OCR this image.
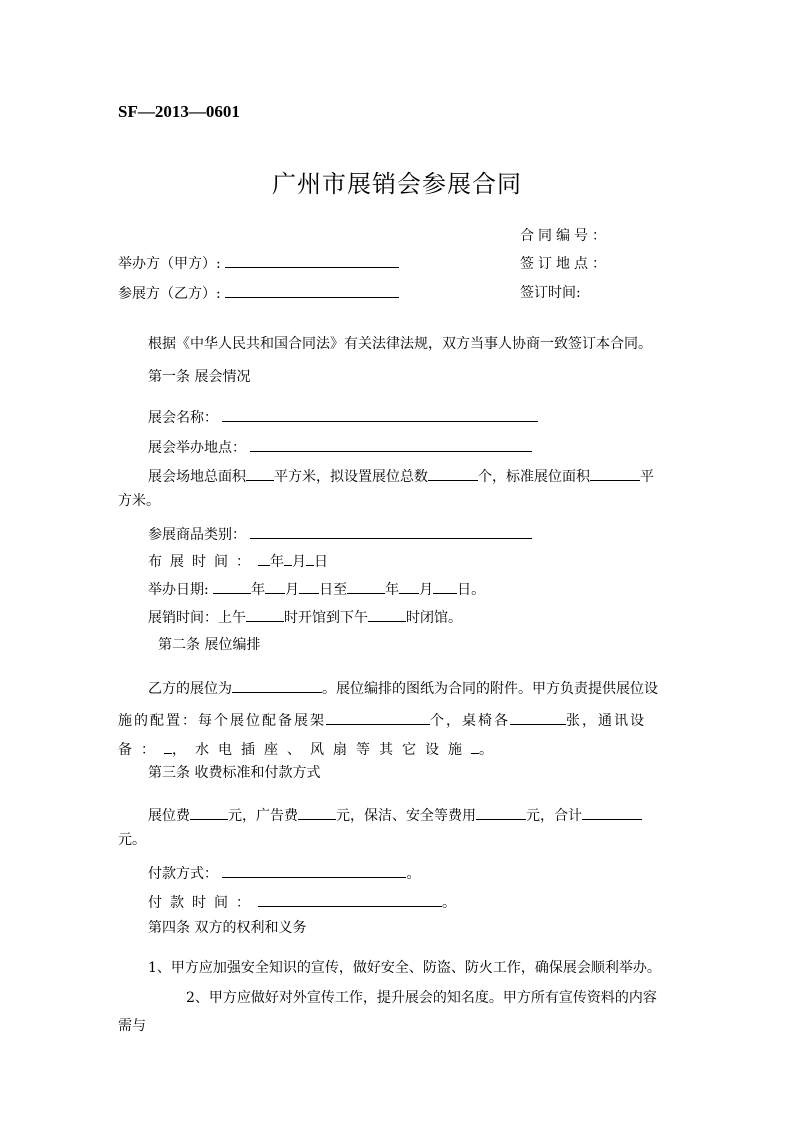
SF—2013—0601
广州市展销会参展合同
合同编号：
签订地点：
签订时间:
举办方（甲方）:
参展方（乙方）:
根据《中华人民共和国合同法》有关法律法规，双方当事人协商一致签订本合同。
第一条 展会情况
展会名称：
展会举办地点：
展会场地总面积 平方米，拟设置展位总数	个，标准展位面积	平
方米。
参展商品类别：
布展时间： 年 月 日
举办日期:	年 月 日至	年 月 日。
展销时间：上午	时开馆到下午	时闭馆。
第二条 展位编排
乙方的展位为	。展位编排的图纸为合同的附件。甲方负责提供展位设
施的配置：每个展位配备展架	个，桌椅各	张，通讯设
备： ，水电插座、风扇等其它设施 。
第三条 收费标准和付款方式
展位费	元，广告费	元，保洁、安全等费用	元，合计
元。
付款方式：	。
付款时间：	。
第四条 双方的权利和义务
1、甲方应加强安全知识的宣传，做好安全、防盗、防火工作，确保展会顺利举办。
2、甲方应做好对外宣传工作，提升展会的知名度。甲方所有宣传资料的内容
需与
